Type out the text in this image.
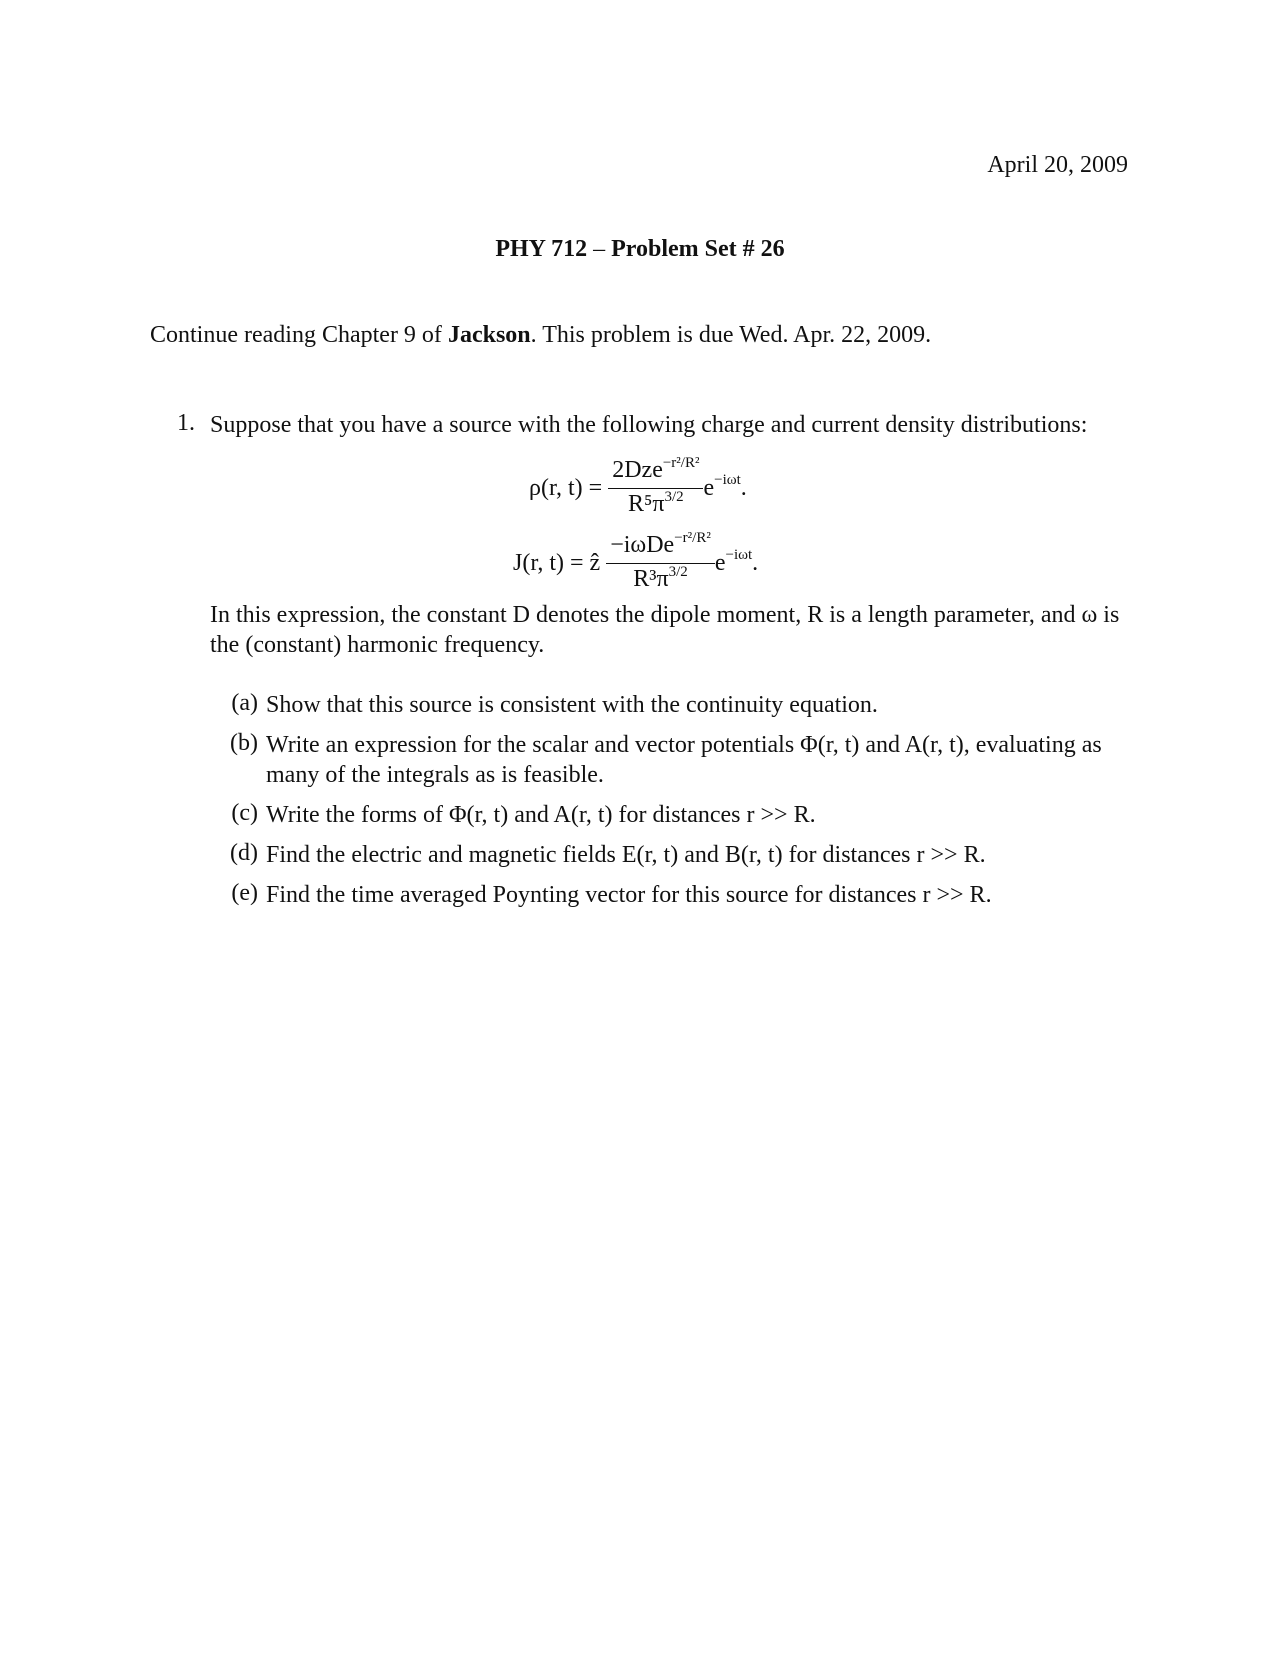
April 20, 2009
PHY 712 – Problem Set # 26
Continue reading Chapter 9 of Jackson. This problem is due Wed. Apr. 22, 2009.
1. Suppose that you have a source with the following charge and current density distributions:
ρ(r, $t) = \frac{2Dze^{-r^2/R^2}}{R^5\pi^{3/2}} e^{-i\omega t}$.
J(r, t) = ẑ $\frac{-i\omega De^{-r^2/R^2}}{R^3\pi^{3/2}} e^{-i\omega t}$.
In this expression, the constant D denotes the dipole moment, R is a length parameter, and ω is the (constant) harmonic frequency.
(a) Show that this source is consistent with the continuity equation.
(b) Write an expression for the scalar and vector potentials Φ(r, t) and A(r, t), evaluating as many of the integrals as is feasible.
(c) Write the forms of Φ(r, t) and A(r, t) for distances r >> R.
(d) Find the electric and magnetic fields E(r, t) and B(r, t) for distances r >> R.
(e) Find the time averaged Poynting vector for this source for distances r >> R.
